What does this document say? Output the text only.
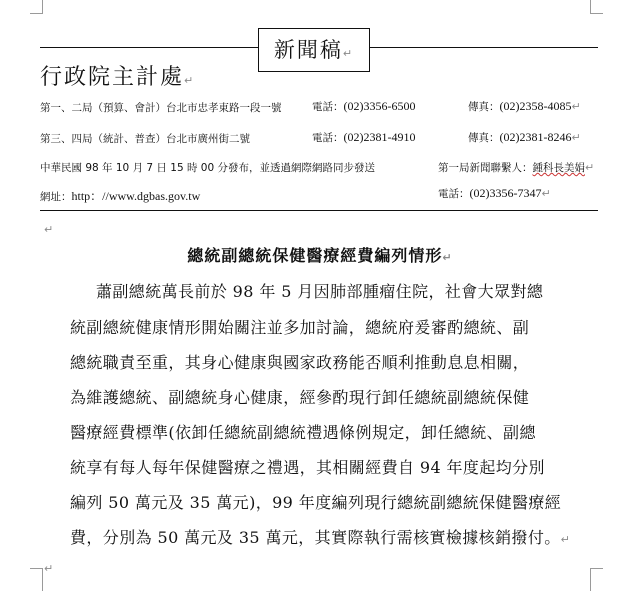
新聞稿↵
行政院主計處↵
第一、二局（預算、會計）台北市忠孝東路一段一號	電話：(02)3356-6500	傳真：(02)2358-4085↵
第三、四局（統計、普查）台北市廣州街二號	電話：(02)2381-4910	傳真：(02)2381-8246↵
中華民國 98 年 10 月 7 日 15 時 00 分發布，並透過網際網路同步發送	第一局新聞聯繫人：鍾科長美娟↵
網址：http：//www.dgbas.gov.tw	電話：(02)3356-7347↵
↵
總統副總統保健醫療經費編列情形↵
蕭副總統萬長前於 98 年 5 月因肺部腫瘤住院，社會大眾對總
統副總統健康情形開始關注並多加討論，總統府爰審酌總統、副
總統職責至重，其身心健康與國家政務能否順利推動息息相關，
為維護總統、副總統身心健康，經參酌現行卸任總統副總統保健
醫療經費標準(依卸任總統副總統禮遇條例規定，卸任總統、副總
統享有每人每年保健醫療之禮遇，其相關經費自 94 年度起均分別
編列 50 萬元及 35 萬元)，99 年度編列現行總統副總統保健醫療經
費，分別為 50 萬元及 35 萬元，其實際執行需核實檢據核銷撥付。↵
↵
